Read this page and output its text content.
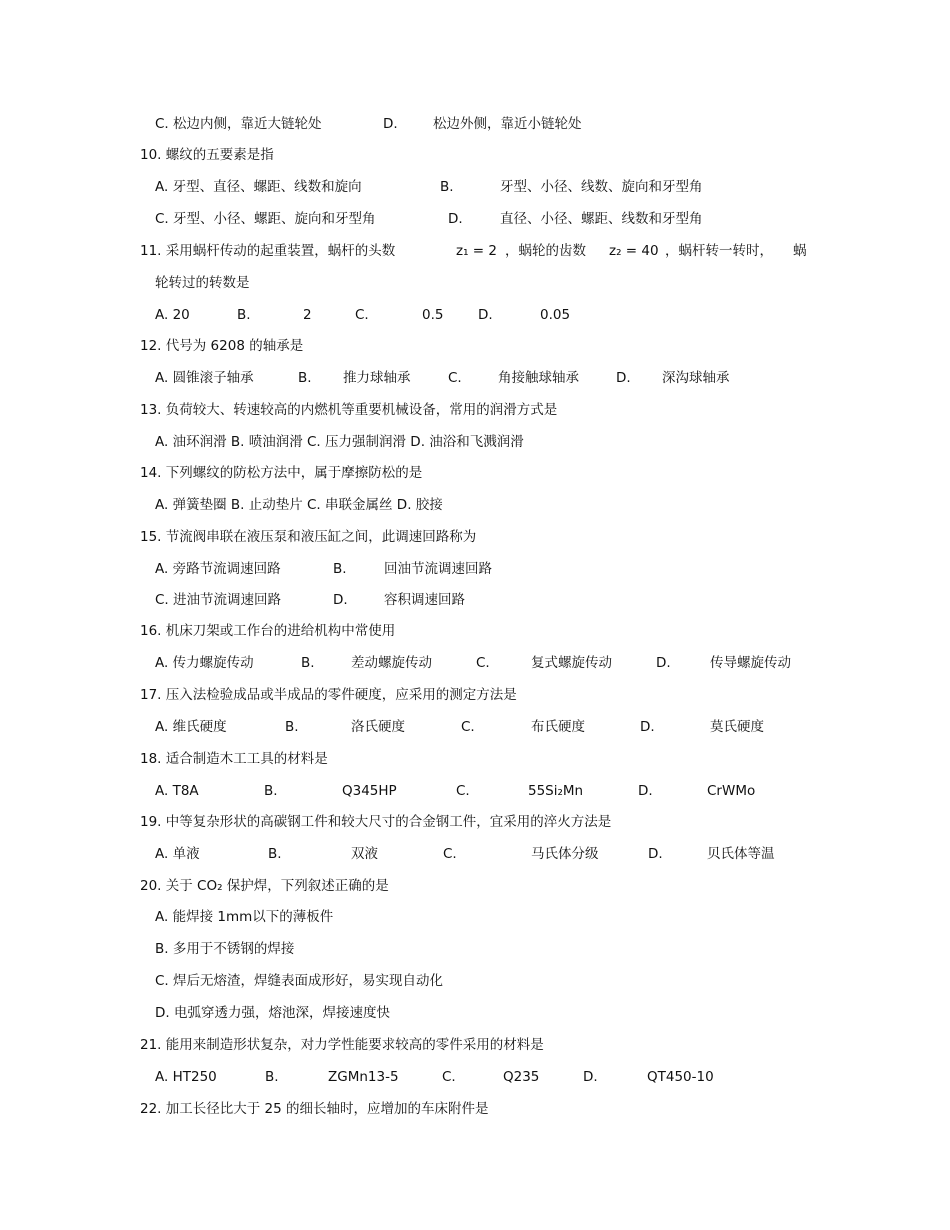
C. 松边内侧，靠近大链轮处	D.	松边外侧，靠近小链轮处
10. 螺纹的五要素是指
A. 牙型、直径、螺距、线数和旋向	B.	牙型、小径、线数、旋向和牙型角
C. 牙型、小径、螺距、旋向和牙型角	D.	直径、小径、螺距、线数和牙型角
11. 采用蜗杆传动的起重装置，蜗杆的头数	z₁ = 2 ，蜗轮的齿数 z₂ = 40 ，蜗杆转一转时， 蜗
轮转过的转数是
A. 20	B.	2	C.	0.5	D.	0.05
12. 代号为 6208 的轴承是
A. 圆锥滚子轴承	B. 推力球轴承	C.	角接触球轴承	D. 深沟球轴承
13. 负荷较大、转速较高的内燃机等重要机械设备，常用的润滑方式是
A. 油环润滑 B. 喷油润滑 C. 压力强制润滑 D. 油浴和飞溅润滑
14. 下列螺纹的防松方法中，属于摩擦防松的是
A. 弹簧垫圈 B. 止动垫片 C. 串联金属丝 D. 胶接
15. 节流阀串联在液压泵和液压缸之间，此调速回路称为
A. 旁路节流调速回路	B.	回油节流调速回路
C. 进油节流调速回路	D.	容积调速回路
16. 机床刀架或工作台的进给机构中常使用
A. 传力螺旋传动	B.	差动螺旋传动	C.	复式螺旋传动	D.	传导螺旋传动
17. 压入法检验成品或半成品的零件硬度，应采用的测定方法是
A. 维氏硬度	B.	洛氏硬度	C.	布氏硬度	D.	莫氏硬度
18. 适合制造木工工具的材料是
A. T8A	B.	Q345HP	C.	55Si₂Mn	D.	CrWMo
19. 中等复杂形状的高碳钢工件和较大尺寸的合金钢工件，宜采用的淬火方法是
A. 单液	B.	双液	C.	马氏体分级	D.	贝氏体等温
20. 关于 CO₂ 保护焊，下列叙述正确的是
A. 能焊接 1mm以下的薄板件
B. 多用于不锈钢的焊接
C. 焊后无熔渣，焊缝表面成形好，易实现自动化
D. 电弧穿透力强，熔池深，焊接速度快
21. 能用来制造形状复杂，对力学性能要求较高的零件采用的材料是
A. HT250	B.	ZGMn13-5	C.	Q235	D.	QT450-10
22. 加工长径比大于 25 的细长轴时，应增加的车床附件是
